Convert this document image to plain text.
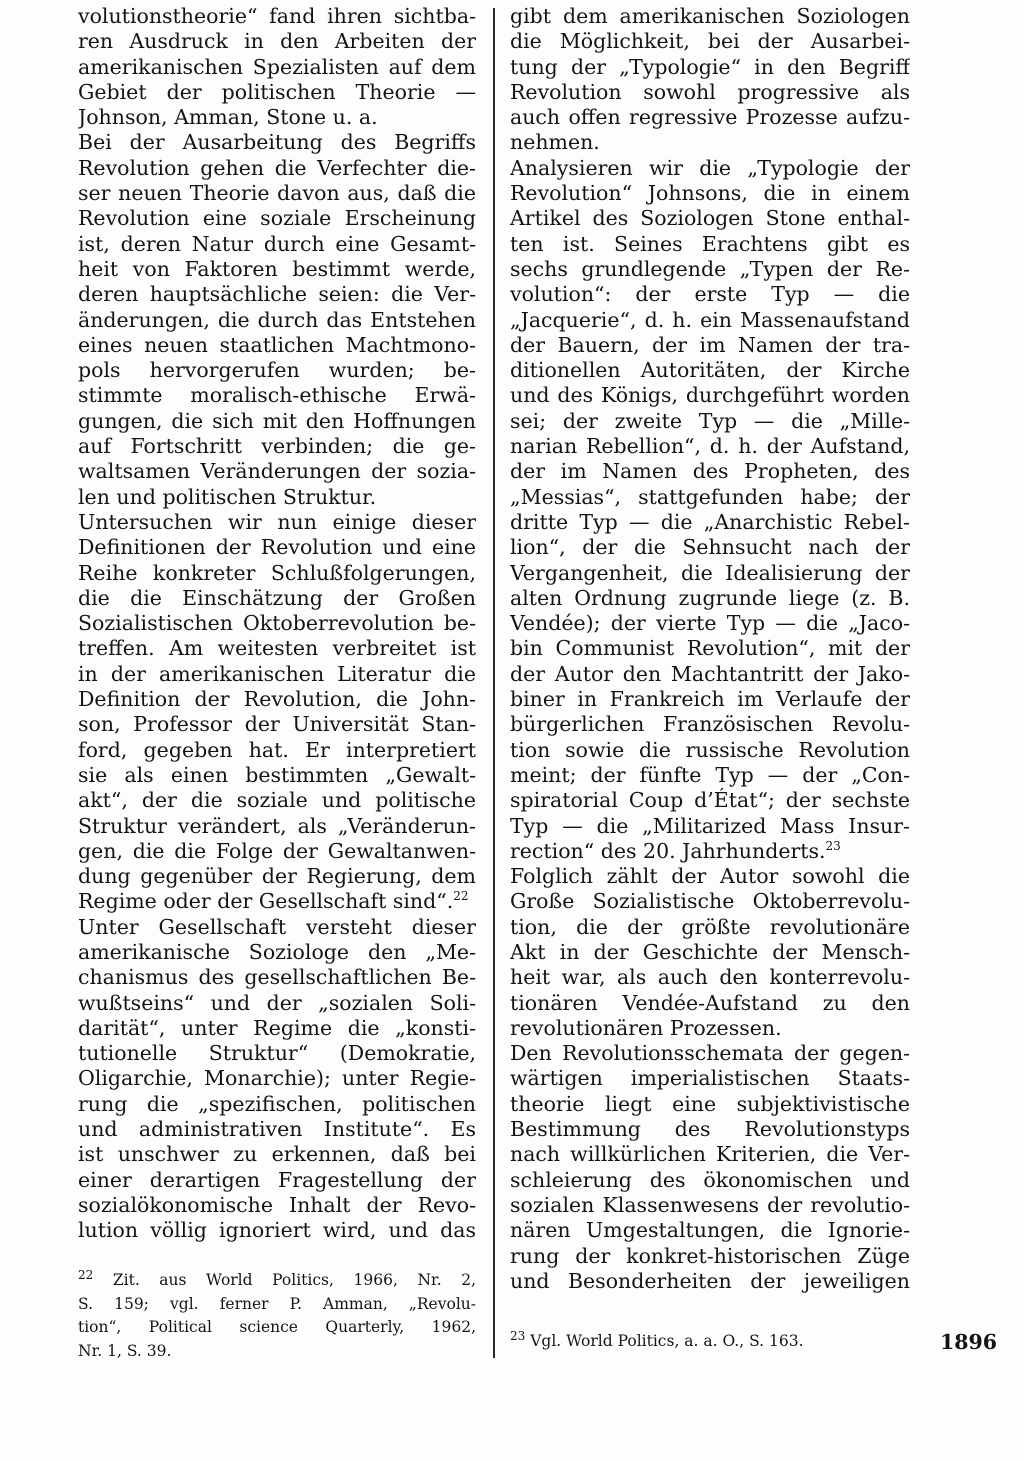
volutionstheorie“ fand ihren sichtba-
ren Ausdruck in den Arbeiten der
amerikanischen Spezialisten auf dem
Gebiet der politischen Theorie —
Johnson, Amman, Stone u. a.
Bei der Ausarbeitung des Begriffs
Revolution gehen die Verfechter die-
ser neuen Theorie davon aus, daß die
Revolution eine soziale Erscheinung
ist, deren Natur durch eine Gesamt-
heit von Faktoren bestimmt werde,
deren hauptsächliche seien: die Ver-
änderungen, die durch das Entstehen
eines neuen staatlichen Machtmono-
pols hervorgerufen wurden; be-
stimmte moralisch-ethische Erwä-
gungen, die sich mit den Hoffnungen
auf Fortschritt verbinden; die ge-
waltsamen Veränderungen der sozia-
len und politischen Struktur.
Untersuchen wir nun einige dieser
Definitionen der Revolution und eine
Reihe konkreter Schlußfolgerungen,
die die Einschätzung der Großen
Sozialistischen Oktoberrevolution be-
treffen. Am weitesten verbreitet ist
in der amerikanischen Literatur die
Definition der Revolution, die John-
son, Professor der Universität Stan-
ford, gegeben hat. Er interpretiert
sie als einen bestimmten „Gewalt-
akt“, der die soziale und politische
Struktur verändert, als „Veränderun-
gen, die die Folge der Gewaltanwen-
dung gegenüber der Regierung, dem
Regime oder der Gesellschaft sind“.$^{22}$
Unter Gesellschaft versteht dieser
amerikanische Soziologe den „Me-
chanismus des gesellschaftlichen Be-
wußtseins“ und der „sozialen Soli-
darität“, unter Regime die „konsti-
tutionelle Struktur“ (Demokratie,
Oligarchie, Monarchie); unter Regie-
rung die „spezifischen, politischen
und administrativen Institute“. Es
ist unschwer zu erkennen, daß bei
einer derartigen Fragestellung der
sozialökonomische Inhalt der Revo-
lution völlig ignoriert wird, und das
gibt dem amerikanischen Soziologen
die Möglichkeit, bei der Ausarbei-
tung der „Typologie“ in den Begriff
Revolution sowohl progressive als
auch offen regressive Prozesse aufzu-
nehmen.
Analysieren wir die „Typologie der
Revolution“ Johnsons, die in einem
Artikel des Soziologen Stone enthal-
ten ist. Seines Erachtens gibt es
sechs grundlegende „Typen der Re-
volution“: der erste Typ — die
„Jacquerie“, d. h. ein Massenaufstand
der Bauern, der im Namen der tra-
ditionellen Autoritäten, der Kirche
und des Königs, durchgeführt worden
sei; der zweite Typ — die „Mille-
narian Rebellion“, d. h. der Aufstand,
der im Namen des Propheten, des
„Messias“, stattgefunden habe; der
dritte Typ — die „Anarchistic Rebel-
lion“, der die Sehnsucht nach der
Vergangenheit, die Idealisierung der
alten Ordnung zugrunde liege (z. B.
Vendée); der vierte Typ — die „Jaco-
bin Communist Revolution“, mit der
der Autor den Machtantritt der Jako-
biner in Frankreich im Verlaufe der
bürgerlichen Französischen Revolu-
tion sowie die russische Revolution
meint; der fünfte Typ — der „Con-
spiratorial Coup d’État“; der sechste
Typ — die „Militarized Mass Insur-
rection“ des 20. Jahrhunderts.$^{23}$
Folglich zählt der Autor sowohl die
Große Sozialistische Oktoberrevolu-
tion, die der größte revolutionäre
Akt in der Geschichte der Mensch-
heit war, als auch den konterrevolu-
tionären Vendée-Aufstand zu den
revolutionären Prozessen.
Den Revolutionsschemata der gegen-
wärtigen imperialistischen Staats-
theorie liegt eine subjektivistische
Bestimmung des Revolutionstyps
nach willkürlichen Kriterien, die Ver-
schleierung des ökonomischen und
sozialen Klassenwesens der revolutio-
nären Umgestaltungen, die Ignorie-
rung der konkret-historischen Züge
und Besonderheiten der jeweiligen
$^{22}$ Zit. aus World Politics, 1966, Nr. 2,
S. 159; vgl. ferner P. Amman, „Revolu-
tion“, Political science Quarterly, 1962,
Nr. 1, S. 39.
$^{23}$ Vgl. World Politics, a. a. O., S. 163.	1896
